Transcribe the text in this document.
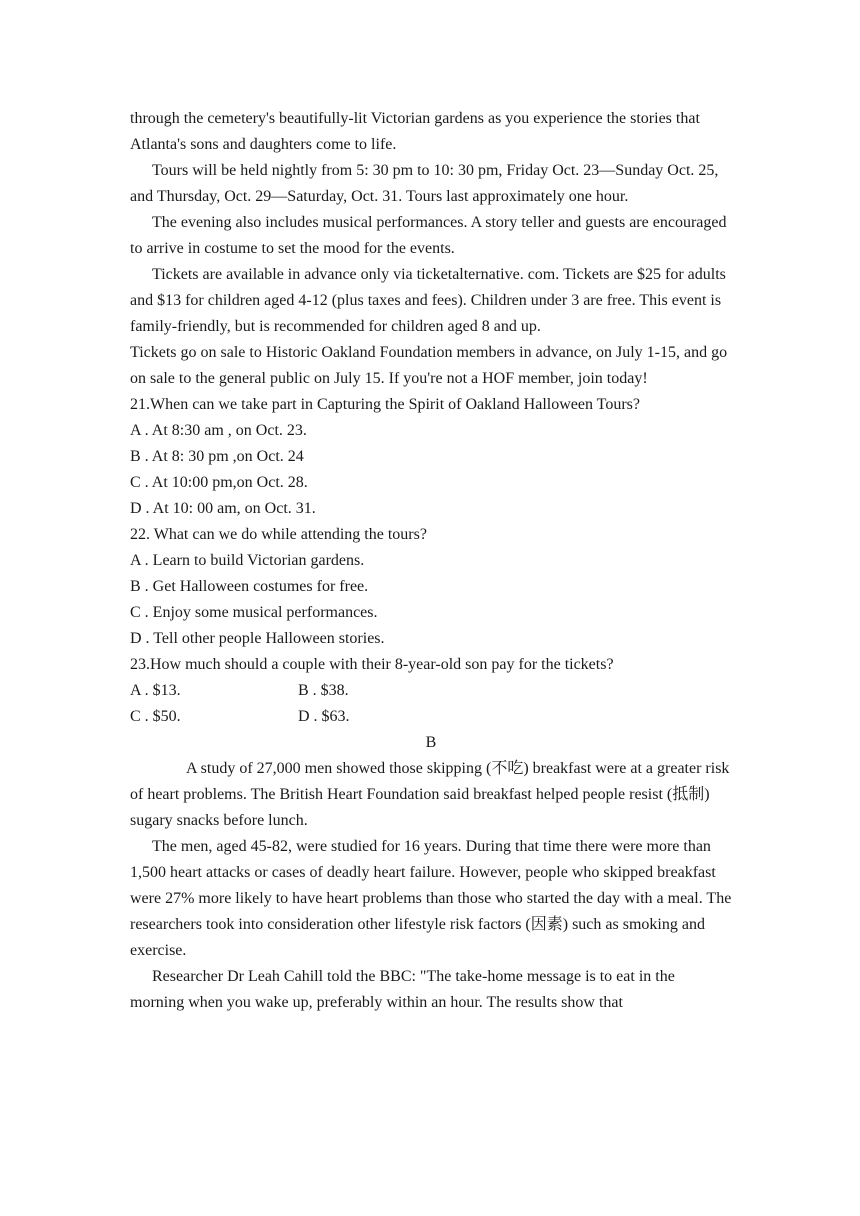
through the cemetery's beautifully-lit Victorian gardens as you experience the stories that Atlanta's sons and daughters come to life.

Tours will be held nightly from 5: 30 pm to 10: 30 pm, Friday Oct. 23—Sunday Oct. 25, and Thursday, Oct. 29—Saturday, Oct. 31. Tours last approximately one hour.

The evening also includes musical performances. A story teller and guests are encouraged to arrive in costume to set the mood for the events.

Tickets are available in advance only via ticketalternative. com. Tickets are $25 for adults and $13 for children aged 4-12 (plus taxes and fees). Children under 3 are free. This event is family-friendly, but is recommended for children aged 8 and up.

Tickets go on sale to Historic Oakland Foundation members in advance, on July 1-15, and go on sale to the general public on July 15. If you're not a HOF member, join today!

21.When can we take part in Capturing the Spirit of Oakland Halloween Tours?
A . At 8:30 am , on Oct. 23.
B . At 8: 30 pm ,on Oct. 24
C . At 10:00 pm,on Oct. 28.
D . At 10: 00 am, on Oct. 31.
22. What can we do while attending the tours?
A . Learn to build Victorian gardens.
B . Get Halloween costumes for free.
C . Enjoy some musical performances.
D . Tell other people Halloween stories.
23.How much should a couple with their 8-year-old son pay for the tickets?
A . $13.	B . $38.
C . $50.	D . $63.
B

A study of 27,000 men showed those skipping (不吃) breakfast were at a greater risk of heart problems. The British Heart Foundation said breakfast helped people resist (抵制) sugary snacks before lunch.

The men, aged 45-82, were studied for 16 years. During that time there were more than 1,500 heart attacks or cases of deadly heart failure. However, people who skipped breakfast were 27% more likely to have heart problems than those who started the day with a meal. The researchers took into consideration other lifestyle risk factors (因素) such as smoking and exercise.

Researcher Dr Leah Cahill told the BBC: "The take-home message is to eat in the morning when you wake up, preferably within an hour. The results show that
